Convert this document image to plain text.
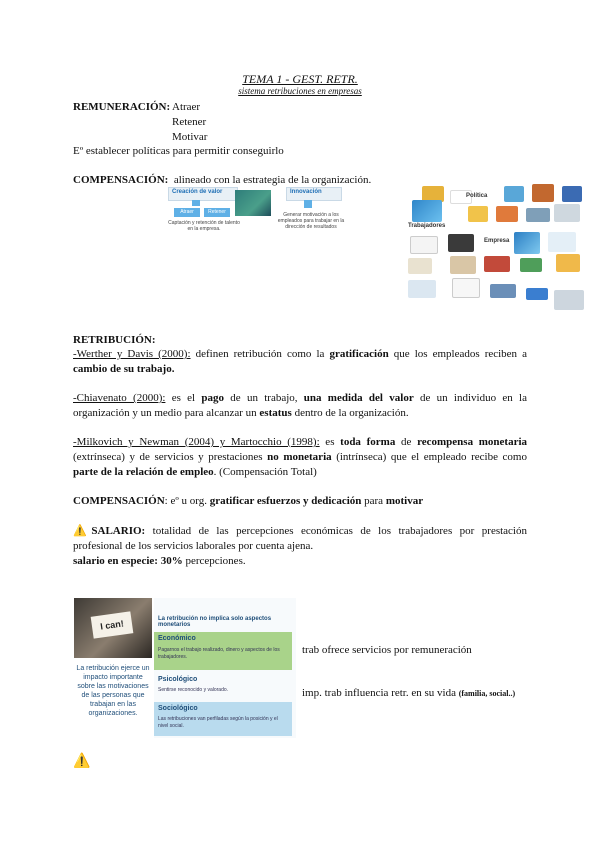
TEMA 1 - GEST. RETR.
sistema retribuciones en empresas
REMUNERACIÓN: Atraer
Retener
Motivar
Eº establecer políticas para permitir conseguirlo
COMPENSACIÓN: alineado con la estrategia de la organización.
Creación de valor
Atraer	Retener
Captación y retención de talento en la empresa.
Innovación
Generar motivación a los empleados para trabajar en la dirección de resultados
Política
Trabajadores
Empresa
RETRIBUCIÓN:
-Werther y Davis (2000): definen retribución como la gratificación que los empleados reciben a
cambio de su trabajo.
-Chiavenato (2000): es el pago de un trabajo, una medida del valor de un individuo en la
organización y un medio para alcanzar un estatus dentro de la organización.
-Milkovich y Newman (2004) y Martocchio (1998): es toda forma de recompensa monetaria
(extrínseca) y de servicios y prestaciones no monetaria (intrínseca) que el empleado recibe como
parte de la relación de empleo. (Compensación Total)
COMPENSACIÓN: eº u org. gratificar esfuerzos y dedicación para motivar
⚠️SALARIO: totalidad de las percepciones económicas de los trabajadores por prestación
profesional de los servicios laborales por cuenta ajena.
salario en especie: 30% percepciones.
I can!
La retribución ejerce un impacto importante sobre las motivaciones de las personas que trabajan en las organizaciones.
La retribución no implica solo aspectos monetarios
Económico
Pagarnos el trabajo realizado, dinero y aspectos de los trabajadores.
Psicológico
Sentirse reconocido y valorado.
Sociológico
Las retribuciones van perfiladas según la posición y el nivel social.
trab ofrece servicios por remuneración
imp. trab influencia retr. en su vida (familia, social..)
⚠️
